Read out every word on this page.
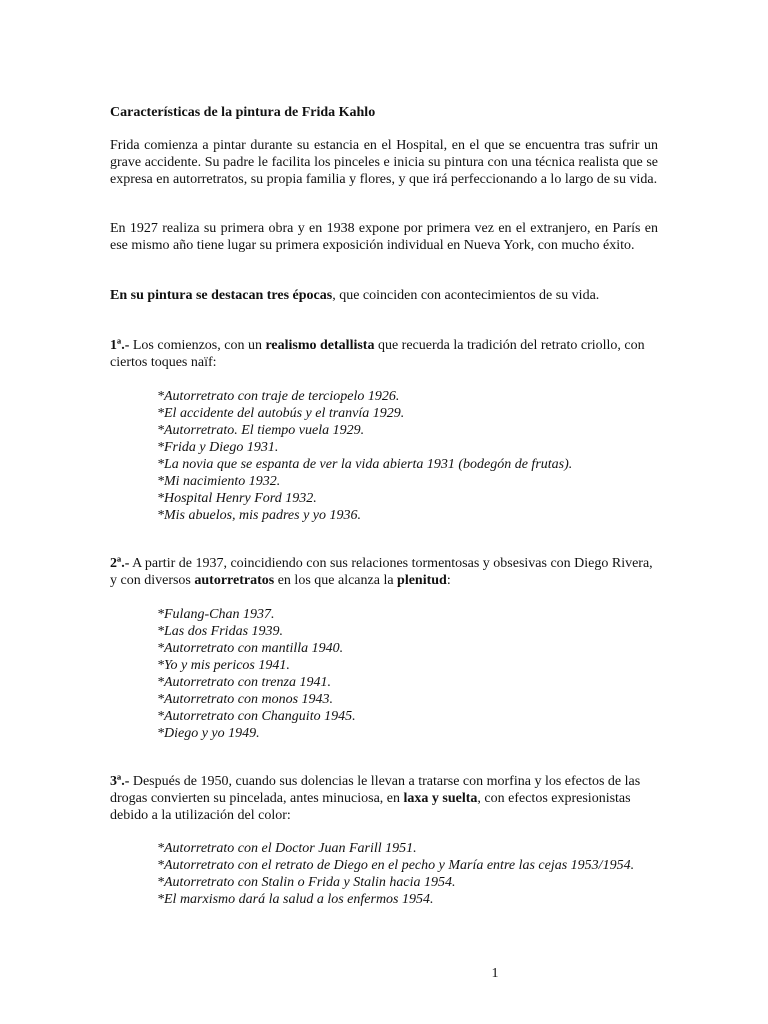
Características de la pintura de Frida Kahlo

Frida comienza a pintar durante su estancia en el Hospital, en el que se encuentra tras sufrir un grave accidente. Su padre le facilita los pinceles e inicia su pintura con una técnica realista que se expresa en autorretratos, su propia familia y flores, y que irá perfeccionando a lo largo de su vida.

En 1927 realiza su primera obra y en 1938 expone por primera vez en el extranjero, en París en ese mismo año tiene lugar su primera exposición individual en Nueva York, con mucho éxito.

En su pintura se destacan tres épocas, que coinciden con acontecimientos de su vida.

1ª.- Los comienzos, con un realismo detallista que recuerda la tradición del retrato criollo, con ciertos toques naïf:

*Autorretrato con traje de terciopelo 1926.
*El accidente del autobús y el tranvía 1929.
*Autorretrato. El tiempo vuela 1929.
*Frida y Diego 1931.
*La novia que se espanta de ver la vida abierta 1931 (bodegón de frutas).
*Mi nacimiento 1932.
*Hospital Henry Ford 1932.
*Mis abuelos, mis padres y yo 1936.

2ª.- A partir de 1937, coincidiendo con sus relaciones tormentosas y obsesivas con Diego Rivera, y con diversos autorretratos en los que alcanza la plenitud:

*Fulang-Chan 1937.
*Las dos Fridas 1939.
*Autorretrato con mantilla 1940.
*Yo y mis pericos 1941.
*Autorretrato con trenza 1941.
*Autorretrato con monos 1943.
*Autorretrato con Changuito 1945.
*Diego y yo 1949.

3ª.- Después de 1950, cuando sus dolencias le llevan a tratarse con morfina y los efectos de las drogas convierten su pincelada, antes minuciosa, en laxa y suelta, con efectos expresionistas debido a la utilización del color:

*Autorretrato con el Doctor Juan Farill 1951.
*Autorretrato con el retrato de Diego en el pecho y María entre las cejas 1953/1954.
*Autorretrato con Stalin o Frida y Stalin hacia 1954.
*El marxismo dará la salud a los enfermos 1954.
1
